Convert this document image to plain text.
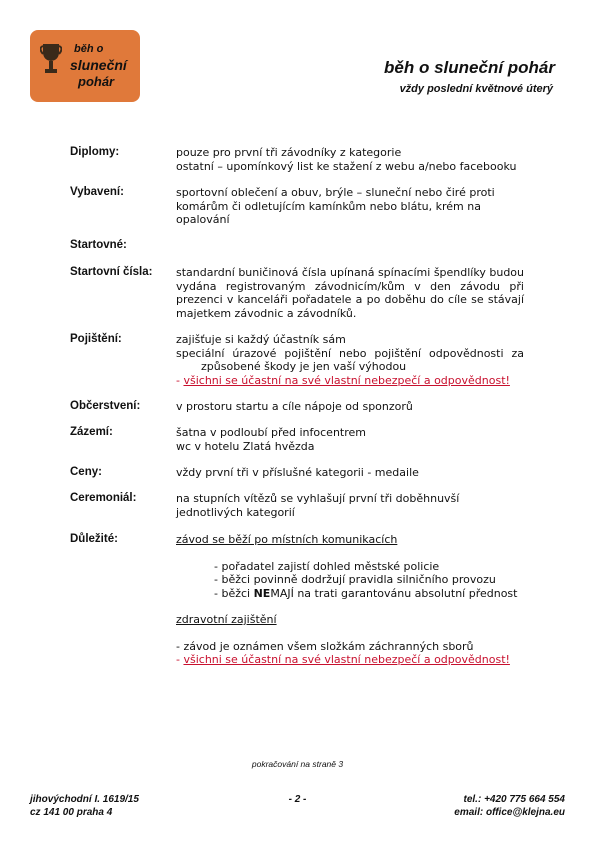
běh o
sluneční
pohár
běh o sluneční pohár
vždy poslední květnové úterý
Diplomy:	pouze pro první tři závodníky z kategorie
ostatní – upomínkový list ke stažení z webu a/nebo facebooku
Vybavení:	sportovní oblečení a obuv, brýle – sluneční nebo čiré proti komárům či odletujícím kamínkům nebo blátu, krém na opalování
Startovné:
Startovní čísla: standardní buničinová čísla upínaná spínacími špendlíky budou vydána registrovaným závodnicím/kům v den závodu při prezenci v kanceláři pořadatele a po doběhu do cíle se stávají majetkem závodnic a závodníků.
Pojištění:	zajišťuje si každý účastník sám
speciální úrazové pojištění nebo pojištění odpovědnosti za
způsobené škody je jen vaší výhodou
- všichni se účastní na své vlastní nebezpečí a odpovědnost!
Občerstvení:	v prostoru startu a cíle nápoje od sponzorů
Zázemí:	šatna v podloubí před infocentrem
wc v hotelu Zlatá hvězda
Ceny:	vždy první tři v příslušné kategorii - medaile
Ceremoniál:	na stupních vítězů se vyhlašují první tři doběhnuvší
jednotlivých kategorií
Důležité:	závod se běží po místních komunikacích
- pořadatel zajistí dohled městské policie
- běžci povinně dodržují pravidla silničního provozu
- běžci NEMAJÍ na trati garantovánu absolutní přednost
zdravotní zajištění
- závod je oznámen všem složkám záchranných sborů
- všichni se účastní na své vlastní nebezpečí a odpovědnost!
pokračování na straně 3
jihovýchodní I. 1619/15
cz 141 00 praha 4
- 2 -	tel.: +420 775 664 554
email: office@klejna.eu
